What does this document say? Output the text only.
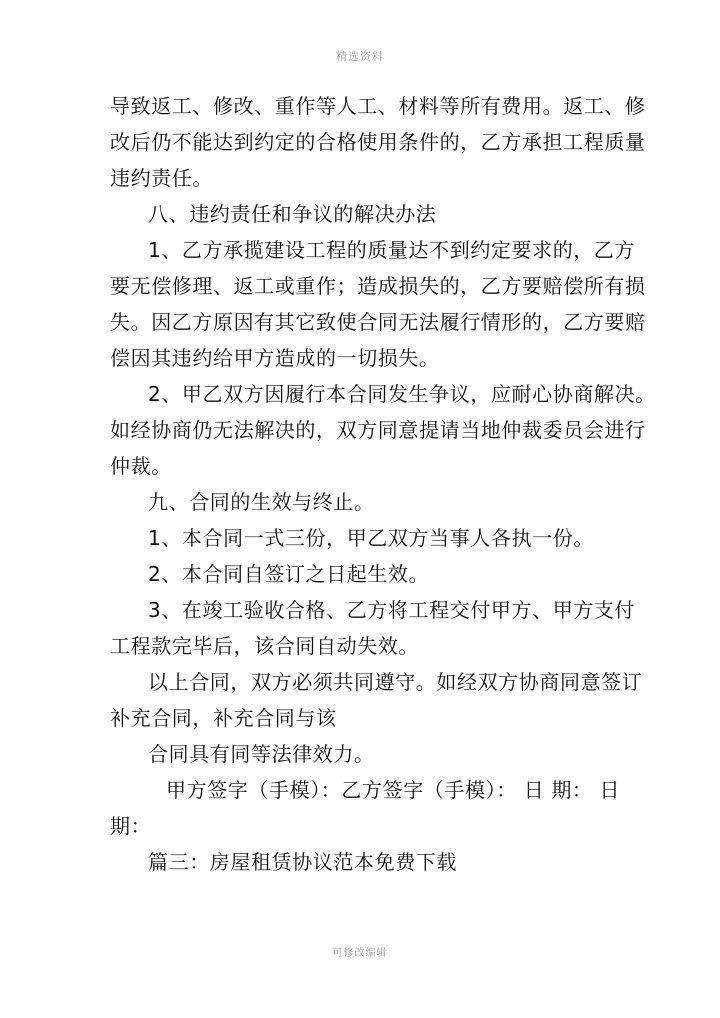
精选资料
导致返工、修改、重作等人工、材料等所有费用。返工、修
改后仍不能达到约定的合格使用条件的，乙方承担工程质量
违约责任。
八、违约责任和争议的解决办法
1、乙方承揽建设工程的质量达不到约定要求的，乙方
要无偿修理、返工或重作；造成损失的，乙方要赔偿所有损
失。因乙方原因有其它致使合同无法履行情形的，乙方要赔
偿因其违约给甲方造成的一切损失。
2、甲乙双方因履行本合同发生争议，应耐心协商解决。
如经协商仍无法解决的，双方同意提请当地仲裁委员会进行
仲裁。
九、合同的生效与终止。
1、本合同一式三份，甲乙双方当事人各执一份。
2、本合同自签订之日起生效。
3、在竣工验收合格、乙方将工程交付甲方、甲方支付
工程款完毕后，该合同自动失效。
以上合同，双方必须共同遵守。如经双方协商同意签订
补充合同，补充合同与该
合同具有同等法律效力。
甲方签字（手模）：乙方签字（手模）： 日 期： 日
期：
篇三：房屋租赁协议范本免费下载
可修改编辑
